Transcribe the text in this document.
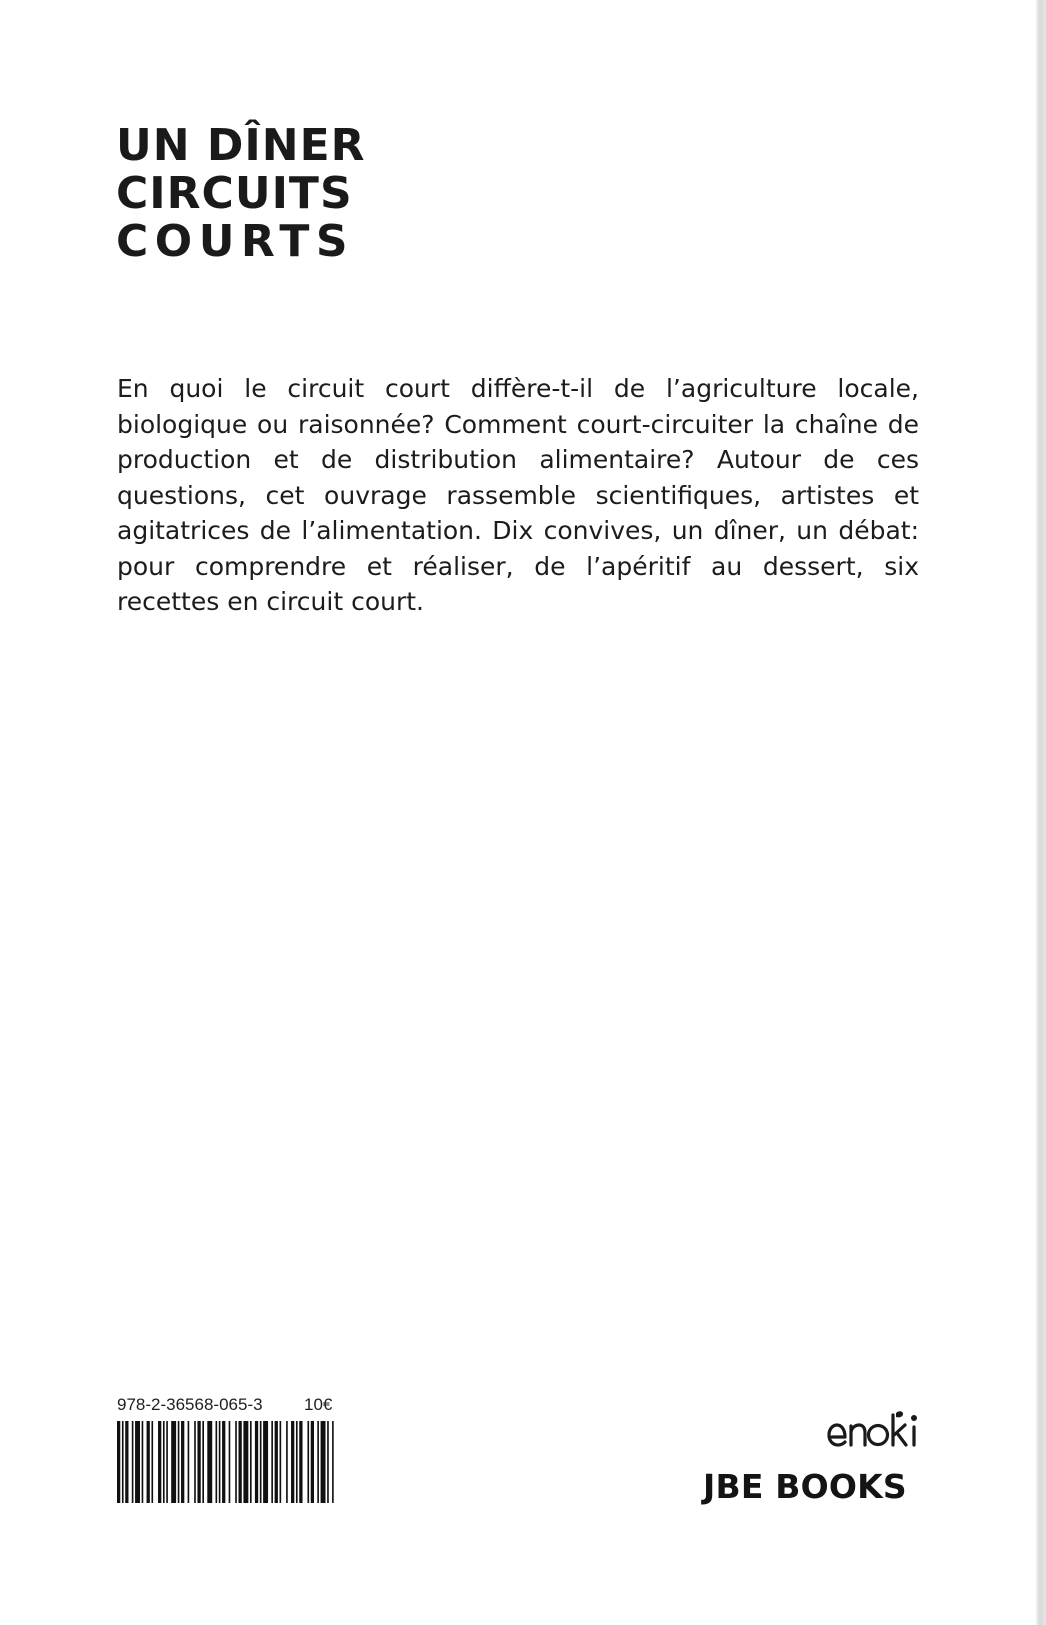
UN DÎNER
CIRCUITS
COURTS

En quoi le circuit court diffère-t-il de l’agriculture locale, biologique ou raisonnée? Comment court-circuiter la chaîne de production et de distribution alimentaire? Autour de ces questions, cet ouvrage rassemble scientifiques, artistes et agitatrices de l’alimentation. Dix convives, un dîner, un débat: pour comprendre et réaliser, de l’apéritif au dessert, six recettes en circuit court.

978-2-36568-065-3 10€
JBE BOOKS
